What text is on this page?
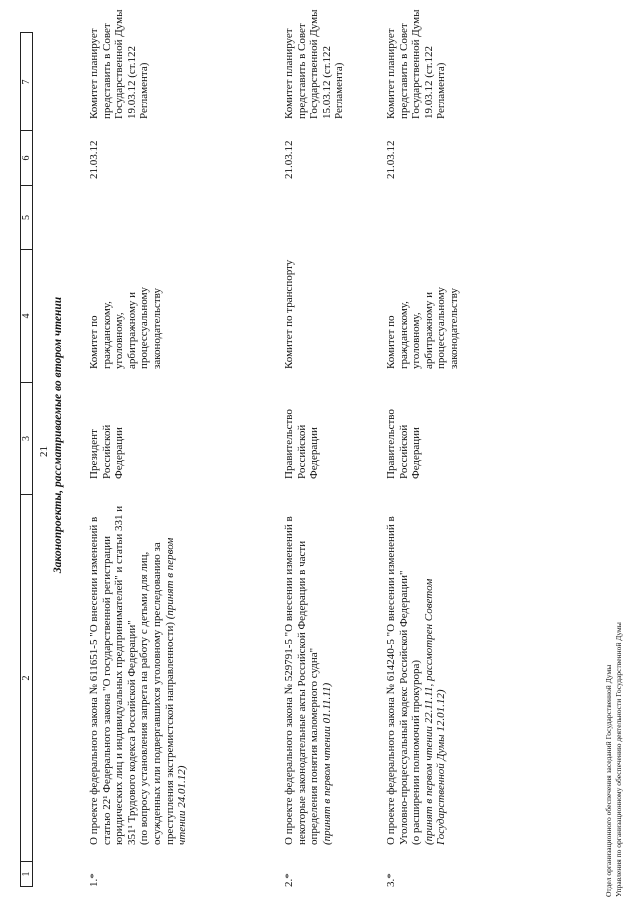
21
1
2
3
4
5
6
7
Законопроекты, рассматриваемые во втором чтении
1.*
О проекте федерального закона № 611651-5 "О внесении изменений в статью 22¹ Федерального закона "О государственной регистрации юридических лиц и индивидуальных предпринимателей" и статьи 331 и 351¹ Трудового кодекса Российской Федерации"
(по вопросу установления запрета на работу с детьми для лиц, осужденных или подвергавшихся уголовному преследованию за преступления экстремистской направленности) (принят в первом чтении 24.01.12)
Президент Российской Федерации
Комитет по гражданскому, уголовному, арбитражному и процессуальному законодательству
21.03.12
Комитет планирует представить в Совет Государственной Думы 19.03.12 (ст.122 Регламента)
2.*
О проекте федерального закона № 529791-5 "О внесении изменений в некоторые законодательные акты Российской Федерации в части определения понятия маломерного судна"
(принят в первом чтении 01.11.11)
Правительство Российской Федерации
Комитет по транспорту
21.03.12
Комитет планирует представить в Совет Государственной Думы 15.03.12 (ст.122 Регламента)
3.*
О проекте федерального закона № 614240-5 "О внесении изменений в Уголовно-процессуальный кодекс Российской Федерации"
(о расширении полномочий прокурора)
(принят в первом чтении 22.11.11, рассмотрен Советом Государственной Думы 12.01.12)
Правительство Российской Федерации
Комитет по гражданскому, уголовному, арбитражному и процессуальному законодательству
21.03.12
Комитет планирует представить в Совет Государственной Думы 19.03.12 (ст.122 Регламента)
Отдел организационного обеспечения заседаний Государственной Думы Управления по организационному обеспечению деятельности Государственной Думы
